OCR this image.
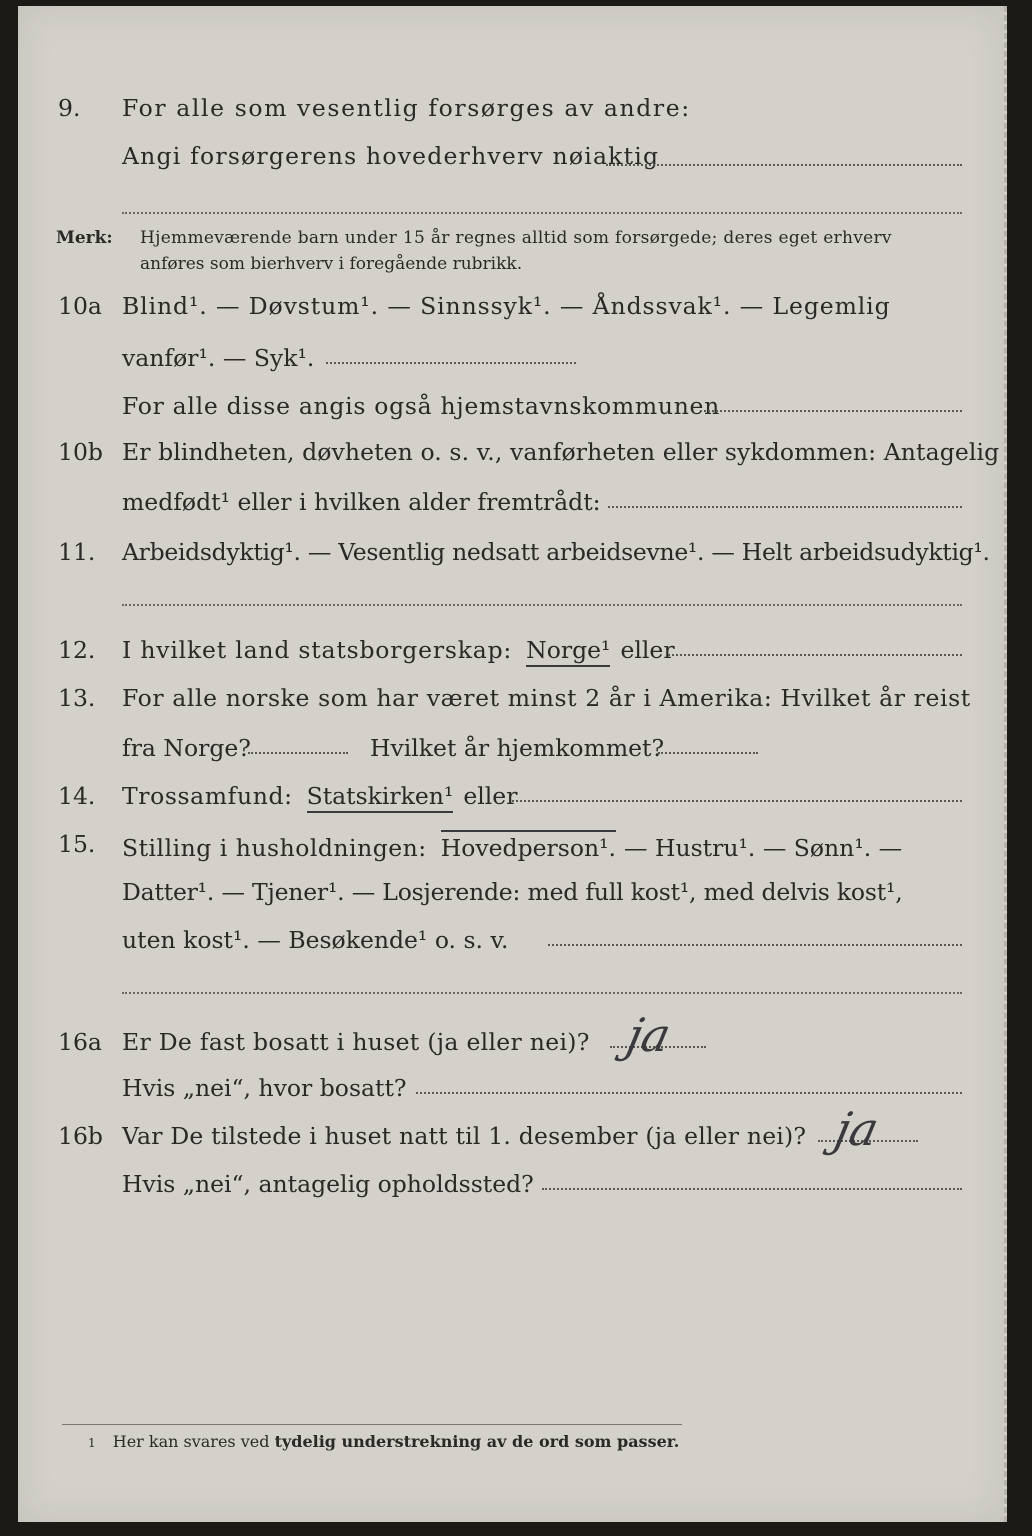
9. For alle som vesentlig forsørges av andre:
Angi forsørgerens hovederhverv nøiaktig
Merk: Hjemmeværende barn under 15 år regnes alltid som forsørgede; deres eget erhverv
anføres som bierhverv i foregående rubrikk.
10a Blind¹. — Døvstum¹. — Sinnssyk¹. — Åndssvak¹. — Legemlig
vanfør¹. — Syk¹.
For alle disse angis også hjemstavnskommunen
10b Er blindheten, døvheten o. s. v., vanførheten eller sykdommen: Antagelig
medfødt¹ eller i hvilken alder fremtrådt:
11. Arbeidsdyktig¹. — Vesentlig nedsatt arbeidsevne¹. — Helt arbeidsudyktig¹.
12. I hvilket land statsborgerskap: Norge¹ eller
13. For alle norske som har været minst 2 år i Amerika: Hvilket år reist
fra Norge?	Hvilket år hjemkommet?
14. Trossamfund: Statskirken¹ eller
15. Stilling i husholdningen: Hovedperson¹. — Hustru¹. — Sønn¹. —
Datter¹. — Tjener¹. — Losjerende: med full kost¹, med delvis kost¹,
uten kost¹. — Besøkende¹ o. s. v.
16a Er De fast bosatt i huset (ja eller nei)? ja
Hvis „nei“, hvor bosatt?
16b Var De tilstede i huset natt til 1. desember (ja eller nei)? ja
Hvis „nei“, antagelig opholdssted?
1 Her kan svares ved tydelig understrekning av de ord som passer.
